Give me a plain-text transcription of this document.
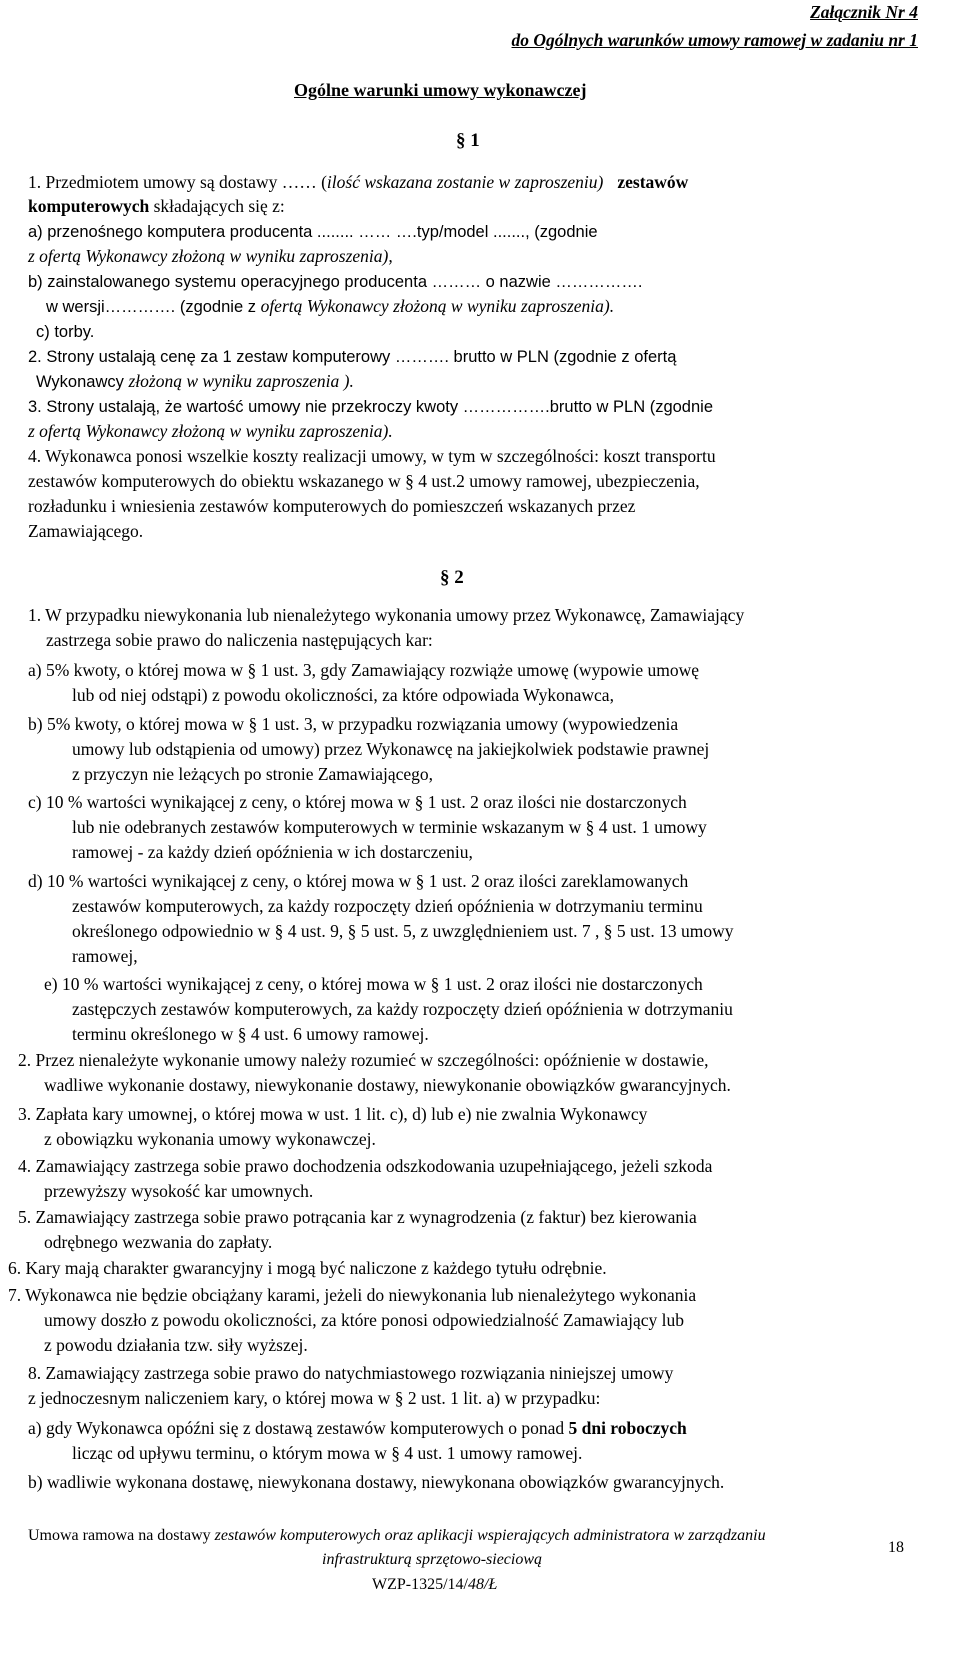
Załącznik Nr 4
do Ogólnych warunków umowy ramowej w zadaniu nr 1
Ogólne warunki umowy wykonawczej
§ 1
1. Przedmiotem umowy są dostawy …… (ilość wskazana zostanie w zaproszeniu) zestawów
komputerowych składających się z:
a) przenośnego komputera producenta ........ …… ….typ/model ......., (zgodnie
z ofertą Wykonawcy złożoną w wyniku zaproszenia),
b) zainstalowanego systemu operacyjnego producenta ……… o nazwie …………….
w wersji…………. (zgodnie z ofertą Wykonawcy złożoną w wyniku zaproszenia).
c) torby.
2. Strony ustalają cenę za 1 zestaw komputerowy ………. brutto w PLN (zgodnie z ofertą
Wykonawcy złożoną w wyniku zaproszenia ).
3. Strony ustalają, że wartość umowy nie przekroczy kwoty …………….brutto w PLN (zgodnie
z ofertą Wykonawcy złożoną w wyniku zaproszenia).
4. Wykonawca ponosi wszelkie koszty realizacji umowy, w tym w szczególności: koszt transportu
zestawów komputerowych do obiektu wskazanego w § 4 ust.2 umowy ramowej, ubezpieczenia,
rozładunku i wniesienia zestawów komputerowych do pomieszczeń wskazanych przez
Zamawiającego.
§ 2
1. W przypadku niewykonania lub nienależytego wykonania umowy przez Wykonawcę, Zamawiający
zastrzega sobie prawo do naliczenia następujących kar:
a) 5% kwoty, o której mowa w § 1 ust. 3, gdy Zamawiający rozwiąże umowę (wypowie umowę
lub od niej odstąpi) z powodu okoliczności, za które odpowiada Wykonawca,
b) 5% kwoty, o której mowa w § 1 ust. 3, w przypadku rozwiązania umowy (wypowiedzenia
umowy lub odstąpienia od umowy) przez Wykonawcę na jakiejkolwiek podstawie prawnej
z przyczyn nie leżących po stronie Zamawiającego,
c) 10 % wartości wynikającej z ceny, o której mowa w § 1 ust. 2 oraz ilości nie dostarczonych
lub nie odebranych zestawów komputerowych w terminie wskazanym w § 4 ust. 1 umowy
ramowej - za każdy dzień opóźnienia w ich dostarczeniu,
d) 10 % wartości wynikającej z ceny, o której mowa w § 1 ust. 2 oraz ilości zareklamowanych
zestawów komputerowych, za każdy rozpoczęty dzień opóźnienia w dotrzymaniu terminu
określonego odpowiednio w § 4 ust. 9, § 5 ust. 5, z uwzględnieniem ust. 7 , § 5 ust. 13 umowy
ramowej,
e) 10 % wartości wynikającej z ceny, o której mowa w § 1 ust. 2 oraz ilości nie dostarczonych
zastępczych zestawów komputerowych, za każdy rozpoczęty dzień opóźnienia w dotrzymaniu
terminu określonego w § 4 ust. 6 umowy ramowej.
2. Przez nienależyte wykonanie umowy należy rozumieć w szczególności: opóźnienie w dostawie,
wadliwe wykonanie dostawy, niewykonanie dostawy, niewykonanie obowiązków gwarancyjnych.
3. Zapłata kary umownej, o której mowa w ust. 1 lit. c), d) lub e) nie zwalnia Wykonawcy
z obowiązku wykonania umowy wykonawczej.
4. Zamawiający zastrzega sobie prawo dochodzenia odszkodowania uzupełniającego, jeżeli szkoda
przewyższy wysokość kar umownych.
5. Zamawiający zastrzega sobie prawo potrącania kar z wynagrodzenia (z faktur) bez kierowania
odrębnego wezwania do zapłaty.
6. Kary mają charakter gwarancyjny i mogą być naliczone z każdego tytułu odrębnie.
7. Wykonawca nie będzie obciążany karami, jeżeli do niewykonania lub nienależytego wykonania
umowy doszło z powodu okoliczności, za które ponosi odpowiedzialność Zamawiający lub
z powodu działania tzw. siły wyższej.
8. Zamawiający zastrzega sobie prawo do natychmiastowego rozwiązania niniejszej umowy
z jednoczesnym naliczeniem kary, o której mowa w § 2 ust. 1 lit. a) w przypadku:
a) gdy Wykonawca opóźni się z dostawą zestawów komputerowych o ponad 5 dni roboczych
licząc od upływu terminu, o którym mowa w § 4 ust. 1 umowy ramowej.
b) wadliwie wykonana dostawę, niewykonana dostawy, niewykonana obowiązków gwarancyjnych.
Umowa ramowa na dostawy zestawów komputerowych oraz aplikacji wspierających administratora w zarządzaniu
infrastrukturą sprzętowo-sieciową
WZP-1325/14/48/Ł
18
